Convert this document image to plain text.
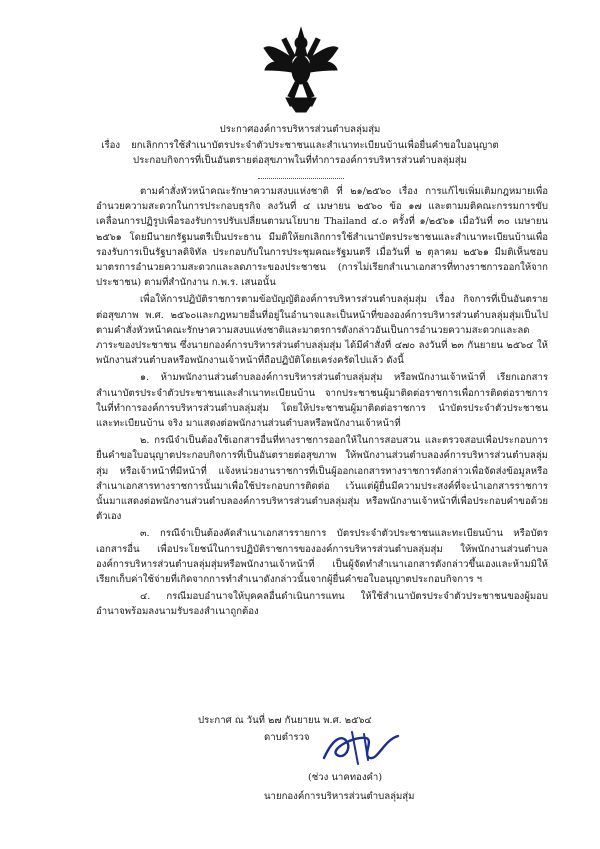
ประกาศองค์การบริหารส่วนตำบลลุ่มสุ่ม
เรื่อง ยกเลิกการใช้สำเนาบัตรประจำตัวประชาชนและสำเนาทะเบียนบ้านเพื่อยื่นคำขอใบอนุญาต
ประกอบกิจการที่เป็นอันตรายต่อสุขภาพในที่ทำการองค์การบริหารส่วนตำบลลุ่มสุ่ม

ตามคำสั่งหัวหน้าคณะรักษาความสงบแห่งชาติ ที่ ๒๑/๒๕๖๐ เรื่อง การแก้ไขเพิ่มเติมกฎหมายเพื่ออำนวยความสะดวกในการประกอบธุรกิจ ลงวันที่ ๔ เมษายน ๒๕๖๐ ข้อ ๑๗ และตามมติคณะกรรมการขับเคลื่อนการปฏิรูปเพื่อรองรับการปรับเปลี่ยนตามนโยบาย Thailand ๔.๐ ครั้งที่ ๑/๒๕๖๑ เมื่อวันที่ ๓๐ เมษายน ๒๕๖๑ โดยมีนายกรัฐมนตรีเป็นประธาน มีมติให้ยกเลิกการใช้สำเนาบัตรประชาชนและสำเนาทะเบียนบ้านเพื่อรองรับการเป็นรัฐบาลดิจิทัล ประกอบกับในการประชุมคณะรัฐมนตรี เมื่อวันที่ ๒ ตุลาคม ๒๕๖๑ มีมติเห็นชอบมาตรการอำนวยความสะดวกและลดภาระของประชาชน (การไม่เรียกสำเนาเอกสารที่ทางราชการออกให้จากประชาชน) ตามที่สำนักงาน ก.พ.ร. เสนอนั้น

เพื่อให้การปฏิบัติราชการตามข้อบัญญัติองค์การบริหารส่วนตำบลลุ่มสุ่ม เรื่อง กิจการที่เป็นอันตรายต่อสุขภาพ พ.ศ. ๒๕๖๐และกฎหมายอื่นที่อยู่ในอำนาจและเป็นหน้าที่ขององค์การบริหารส่วนตำบลลุ่มสุ่มเป็นไป ตามคำสั่งหัวหน้าคณะรักษาความสงบแห่งชาติและมาตรการดังกล่าวอันเป็นการอำนวยความสะดวกและลดภาระของประชาชน ซึ่งนายกองค์การบริหารส่วนตำบลลุ่มสุ่ม ได้มีคำสั่งที่ ๔๗๐ ลงวันที่ ๒๓ กันยายน ๒๕๖๔ ให้พนักงานส่วนตำบลหรือพนักงานเจ้าหน้าที่ถือปฏิบัติโดยเคร่งครัดไปแล้ว ดังนี้

๑. ห้ามพนักงานส่วนตำบลองค์การบริหารส่วนตำบลลุ่มสุ่ม หรือพนักงานเจ้าหน้าที่ เรียกเอกสารสำเนาบัตรประจำตัวประชาชนและสำเนาทะเบียนบ้าน จากประชาชนผู้มาติดต่อราชการเพื่อการติดต่อราชการ ในที่ทำการองค์การบริหารส่วนตำบลลุ่มสุ่ม โดยให้ประชาชนผู้มาติดต่อราชการ นำบัตรประจำตัวประชาชน และทะเบียนบ้าน จริง มาแสดงต่อพนักงานส่วนตำบลหรือพนักงานเจ้าหน้าที่

๒. กรณีจำเป็นต้องใช้เอกสารอื่นที่ทางราชการออกให้ในการสอบสวน และตรวจสอบเพื่อประกอบการยื่นคำขอใบอนุญาตประกอบกิจการที่เป็นอันตรายต่อสุขภาพ ให้พนักงานส่วนตำบลองค์การบริหารส่วนตำบลลุ่มสุ่ม หรือเจ้าหน้าที่มีหน้าที่ แจ้งหน่วยงานราชการที่เป็นผู้ออกเอกสารทางราชการดังกล่าวเพื่อจัดส่งข้อมูลหรือสำเนาเอกสารทางราชการนั้นมาเพื่อใช้ประกอบการติดต่อ เว้นแต่ผู้ยื่นมีความประสงค์ที่จะนำเอกสารราชการนั้นมาแสดงต่อพนักงานส่วนตำบลองค์การบริหารส่วนตำบลลุ่มสุ่ม หรือพนักงานเจ้าหน้าที่เพื่อประกอบคำขอด้วยตัวเอง

๓. กรณีจำเป็นต้องคัดสำเนาเอกสารรายการ บัตรประจำตัวประชาชนและทะเบียนบ้าน หรือบัตรเอกสารอื่น เพื่อประโยชน์ในการปฏิบัติราชการขององค์การบริหารส่วนตำบลลุ่มสุ่ม ให้พนักงานส่วนตำบลองค์การบริหารส่วนตำบลลุ่มสุ่มหรือพนักงานเจ้าหน้าที่ เป็นผู้จัดทำสำเนาเอกสารดังกล่าวขึ้นเองและห้ามมิให้เรียกเก็บค่าใช้จ่ายที่เกิดจากการทำสำเนาดังกล่าวนั้นจากผู้ยื่นคำขอใบอนุญาตประกอบกิจการ ฯ

๔. กรณีมอบอำนาจให้บุคคลอื่นดำเนินการแทน ให้ใช้สำเนาบัตรประจำตัวประชาชนของผู้มอบอำนาจพร้อมลงนามรับรองสำเนาถูกต้อง

ประกาศ ณ วันที่ ๒๗ กันยายน พ.ศ. ๒๕๖๔
ดาบตำรวจ
(ช่วง นาคทองคำ)
นายกองค์การบริหารส่วนตำบลลุ่มสุ่ม
